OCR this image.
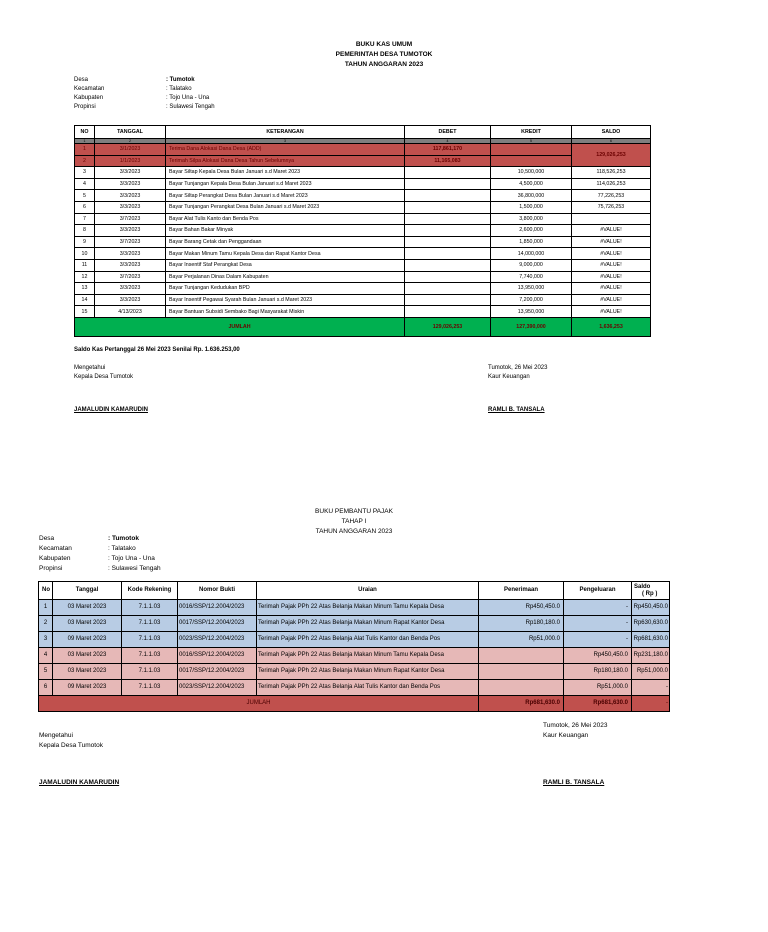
BUKU KAS UMUM
PEMERINTAH DESA TUMOTOK
TAHUN ANGGARAN 2023
Desa	: Tumotok
Kecamatan	: Talatako
Kabupaten	: Tojo Una - Una
Propinsi	: Sulawesi Tengah
NO	TANGGAL	KETERANGAN	DEBET	KREDIT	SALDO
1	2	3	4	5	6
1	3/1/2023	Terima Dana Alokasi Dana Desa (ADD)	117,861,170		129,026,253
2	1/1/2023	Terimah Silpa Alokasi Dana Desa Tahun Sebelumnya	11,165,083		
3	3/3/2023	Bayar Siltap Kepala Desa Bulan Januari s.d Maret 2023		10,500,000	118,526,253
4	3/3/2023	Bayar Tunjangan Kepala Desa Bulan Januari s.d Maret 2023		4,500,000	114,026,253
5	3/3/2023	Bayar Siltap Perangkat Desa Bulan Januari s.d Maret 2023		36,800,000	77,226,253
6	3/3/2023	Bayar Tunjangan Perangkat Desa Bulan Januari s.d Maret 2023		1,500,000	75,726,253
7	3/7/2023	Bayar Alat Tulis Kanto dan Benda Pos		3,800,000	
8	3/3/2023	Bayar Bahan Bakar Minyak		2,600,000	#VALUE!
9	3/7/2023	Bayar Barang Cetak dan Penggandaan		1,850,000	#VALUE!
10	3/3/2023	Bayar Makan Minum Tamu Kepala Desa dan Rapat Kantor Desa		14,000,000	#VALUE!
11	3/3/2023	Bayar Insentif Staf Perangkat Desa		9,000,000	#VALUE!
12	3/7/2023	Bayar Perjalanan Dinas Dalam Kabupaten		7,740,000	#VALUE!
13	3/3/2023	Bayar Tunjangan Kedudukan BPD		13,950,000	#VALUE!
14	3/3/2023	Bayar Insentif Pegawai Syarah Bulan Januari s.d Maret 2023		7,200,000	#VALUE!
15	4/13/2023	Bayar Bantuan Subsidi Sembako Bagi Masyarakat Miskin		13,950,000	#VALUE!
JUMLAH			129,026,253	127,390,000	1,636,253
Saldo Kas Pertanggal 26 Mei 2023 Senilai Rp. 1.636.253,00
Mengetahui
Kepala Desa Tumotok
JAMALUDIN KAMARUDIN
Tumotok, 26 Mei 2023
Kaur Keuangan
RAMLI B. TANSALA
BUKU PEMBANTU PAJAK
TAHAP I
TAHUN ANGGARAN 2023
Desa	: Tumotok
Kecamatan	: Talatako
Kabupaten	: Tojo Una - Una
Propinsi	: Sulawesi Tengah
No	Tanggal	Kode Rekening	Nomor Bukti	Uraian	Penerimaan	Pengeluaran	Saldo
( Rp )

1	03 Maret 2023	7.1.1.03	0016/SSP/12.2004/2023	Terimah Pajak PPh 22 Atas Belanja Makan Minum Tamu Kepala Desa	Rp450,450.0	-	Rp450,450.0
2	03 Maret 2023	7.1.1.03	0017/SSP/12.2004/2023	Terimah Pajak PPh 22 Atas Belanja Makan Minum Rapat Kantor Desa	Rp180,180.0	-	Rp630,630.0
3	09 Maret 2023	7.1.1.03	0023/SSP/12.2004/2023	Terimah Pajak PPh 22 Atas Belanja Alat Tulis Kantor dan Benda Pos	Rp51,000.0	-	Rp681,630.0
4	03 Maret 2023	7.1.1.03	0016/SSP/12.2004/2023	Terimah Pajak PPh 22 Atas Belanja Makan Minum Tamu Kepala Desa		Rp450,450.0	Rp231,180.0
5	03 Maret 2023	7.1.1.03	0017/SSP/12.2004/2023	Terimah Pajak PPh 22 Atas Belanja Makan Minum Rapat Kantor Desa		Rp180,180.0	Rp51,000.0
6	09 Maret 2023	7.1.1.03	0023/SSP/12.2004/2023	Terimah Pajak PPh 22 Atas Belanja Alat Tulis Kantor dan Benda Pos		Rp51,000.0	-
JUMLAH					Rp681,630.0	Rp681,630.0	-
Tumotok, 26 Mei 2023
Kaur Keuangan
Mengetahui
Kepala Desa Tumotok
JAMALUDIN KAMARUDIN	RAMLI B. TANSALA
